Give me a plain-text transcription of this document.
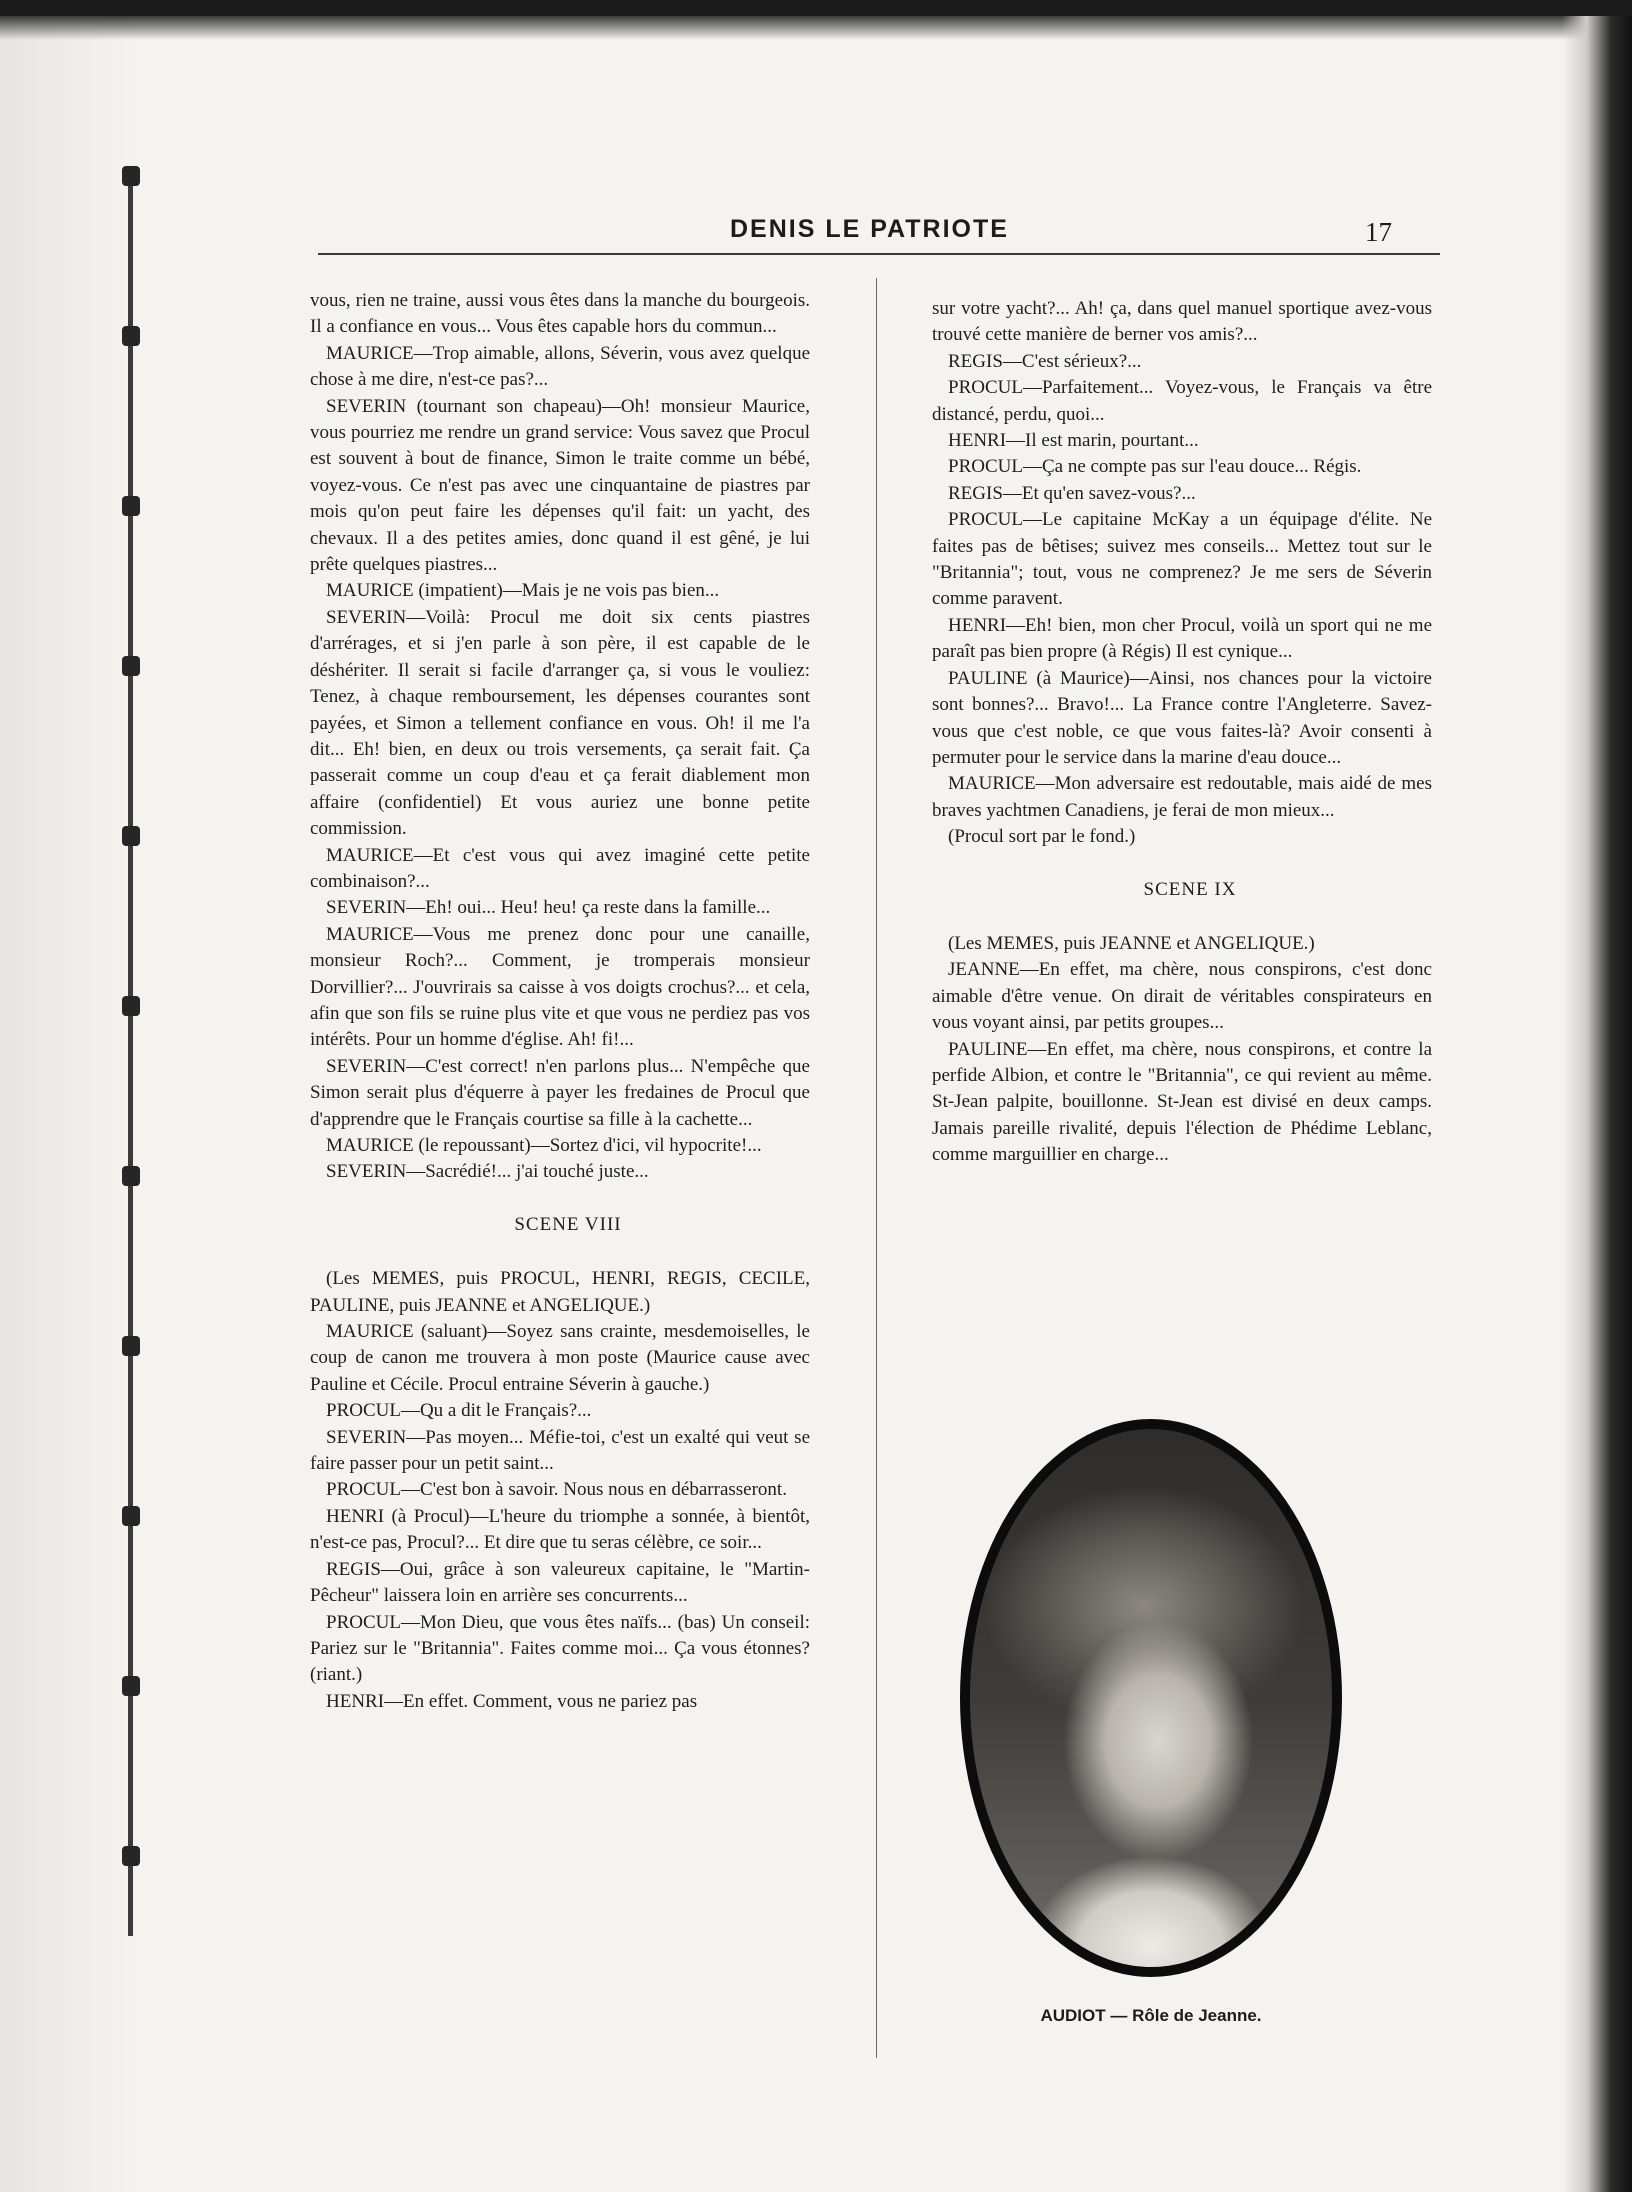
DENIS LE PATRIOTE	17

vous, rien ne traine, aussi vous êtes dans la manche du bourgeois. Il a confiance en vous... Vous êtes capable hors du commun...

MAURICE—Trop aimable, allons, Séverin, vous avez quelque chose à me dire, n'est-ce pas?...

SEVERIN (tournant son chapeau)—Oh! monsieur Maurice, vous pourriez me rendre un grand service: Vous savez que Procul est souvent à bout de finance, Simon le traite comme un bébé, voyez-vous. Ce n'est pas avec une cinquantaine de piastres par mois qu'on peut faire les dépenses qu'il fait: un yacht, des chevaux. Il a des petites amies, donc quand il est gêné, je lui prête quelques piastres...

MAURICE (impatient)—Mais je ne vois pas bien...

SEVERIN—Voilà: Procul me doit six cents piastres d'arrérages, et si j'en parle à son père, il est capable de le déshériter. Il serait si facile d'arranger ça, si vous le vouliez: Tenez, à chaque remboursement, les dépenses courantes sont payées, et Simon a tellement confiance en vous. Oh! il me l'a dit... Eh! bien, en deux ou trois versements, ça serait fait. Ça passerait comme un coup d'eau et ça ferait diablement mon affaire (confidentiel) Et vous auriez une bonne petite commission.

MAURICE—Et c'est vous qui avez imaginé cette petite combinaison?...

SEVERIN—Eh! oui... Heu! heu! ça reste dans la famille...

MAURICE—Vous me prenez donc pour une canaille, monsieur Roch?... Comment, je tromperais monsieur Dorvillier?... J'ouvrirais sa caisse à vos doigts crochus?... et cela, afin que son fils se ruine plus vite et que vous ne perdiez pas vos intérêts. Pour un homme d'église. Ah! fi!...

SEVERIN—C'est correct! n'en parlons plus... N'empêche que Simon serait plus d'équerre à payer les fredaines de Procul que d'apprendre que le Français courtise sa fille à la cachette...

MAURICE (le repoussant)—Sortez d'ici, vil hypocrite!...

SEVERIN—Sacrédié!... j'ai touché juste...

SCENE VIII

(Les MEMES, puis PROCUL, HENRI, REGIS, CECILE, PAULINE, puis JEANNE et ANGELIQUE.)

MAURICE (saluant)—Soyez sans crainte, mesdemoiselles, le coup de canon me trouvera à mon poste (Maurice cause avec Pauline et Cécile. Procul entraine Séverin à gauche.)

PROCUL—Qu a dit le Français?...

SEVERIN—Pas moyen... Méfie-toi, c'est un exalté qui veut se faire passer pour un petit saint...

PROCUL—C'est bon à savoir. Nous nous en débarrasseront.

HENRI (à Procul)—L'heure du triomphe a sonnée, à bientôt, n'est-ce pas, Procul?... Et dire que tu seras célèbre, ce soir...

REGIS—Oui, grâce à son valeureux capitaine, le "Martin-Pêcheur" laissera loin en arrière ses concurrents...

PROCUL—Mon Dieu, que vous êtes naïfs... (bas) Un conseil: Pariez sur le "Britannia". Faites comme moi... Ça vous étonnes? (riant.)

HENRI—En effet. Comment, vous ne pariez pas

sur votre yacht?... Ah! ça, dans quel manuel sportique avez-vous trouvé cette manière de berner vos amis?...

REGIS—C'est sérieux?...

PROCUL—Parfaitement... Voyez-vous, le Français va être distancé, perdu, quoi...

HENRI—Il est marin, pourtant...

PROCUL—Ça ne compte pas sur l'eau douce... Régis.

REGIS—Et qu'en savez-vous?...

PROCUL—Le capitaine McKay a un équipage d'élite. Ne faites pas de bêtises; suivez mes conseils... Mettez tout sur le "Britannia"; tout, vous ne comprenez? Je me sers de Séverin comme paravent.

HENRI—Eh! bien, mon cher Procul, voilà un sport qui ne me paraît pas bien propre (à Régis) Il est cynique...

PAULINE (à Maurice)—Ainsi, nos chances pour la victoire sont bonnes?... Bravo!... La France contre l'Angleterre. Savez-vous que c'est noble, ce que vous faites-là? Avoir consenti à permuter pour le service dans la marine d'eau douce...

MAURICE—Mon adversaire est redoutable, mais aidé de mes braves yachtmen Canadiens, je ferai de mon mieux...

(Procul sort par le fond.)

SCENE IX

(Les MEMES, puis JEANNE et ANGELIQUE.)

JEANNE—En effet, ma chère, nous conspirons, c'est donc aimable d'être venue. On dirait de véritables conspirateurs en vous voyant ainsi, par petits groupes...

PAULINE—En effet, ma chère, nous conspirons, et contre la perfide Albion, et contre le "Britannia", ce qui revient au même. St-Jean palpite, bouillonne. St-Jean est divisé en deux camps. Jamais pareille rivalité, depuis l'élection de Phédime Leblanc, comme marguillier en charge...

AUDIOT — Rôle de Jeanne.
